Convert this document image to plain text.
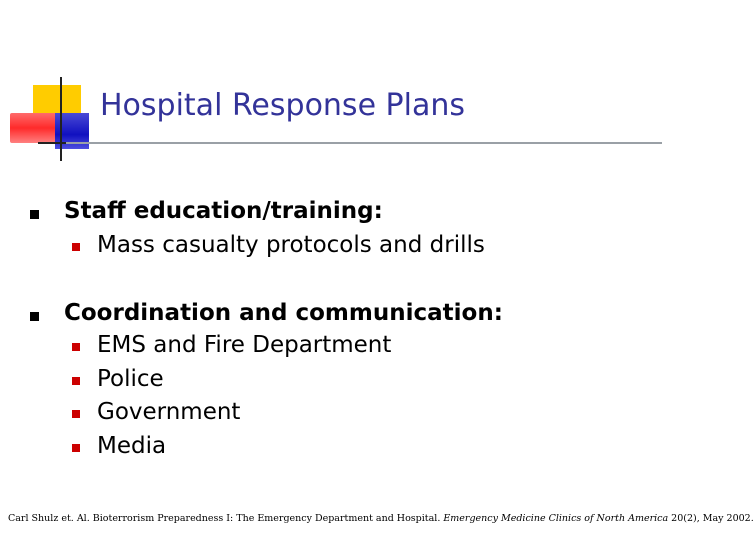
Hospital Response Plans
Staff education/training:
Mass casualty protocols and drills
Coordination and communication:
EMS and Fire Department
Police
Government
Media
Carl Shulz et. Al. Bioterrorism Preparedness I: The Emergency Department and Hospital. Emergency Medicine Clinics of North America 20(2), May 2002.
